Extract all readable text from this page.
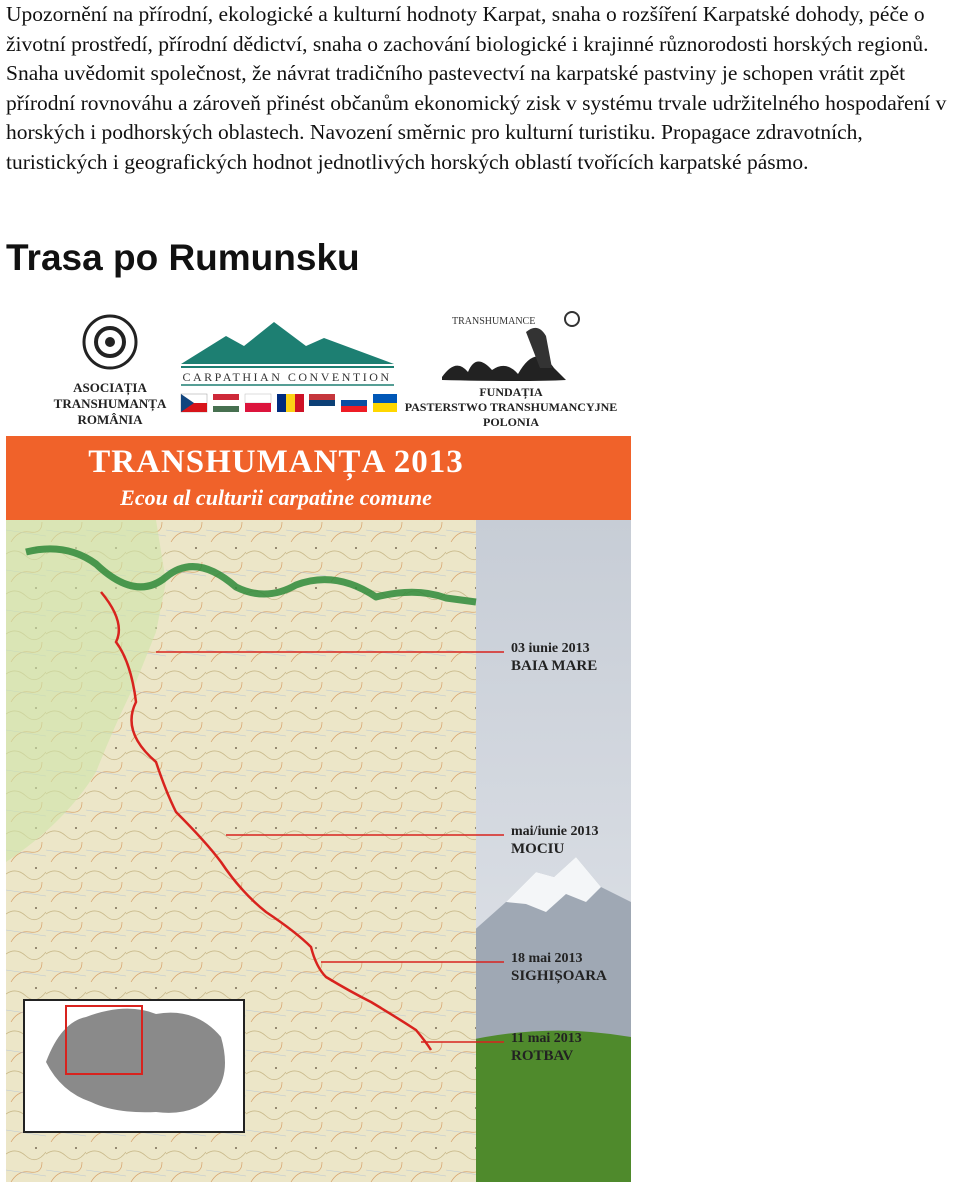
Upozornění na přírodní, ekologické a kulturní hodnoty Karpat, snaha o rozšíření Karpatské dohody, péče o životní prostředí, přírodní dědictví, snaha o zachování biologické i krajinné různorodosti horských regionů. Snaha uvědomit společnost, že návrat tradičního pastevectví na karpatské pastviny je schopen vrátit zpět přírodní rovnováhu a zároveň přinést občanům ekonomický zisk v systému trvale udržitelného hospodaření v horských i podhorských oblastech. Navození směrnic pro kulturní turistiku. Propagace zdravotních, turistických i geografických hodnot jednotlivých horských oblastí tvořících karpatské pásmo.

Trasa po Rumunsku
ASOCIAȚIA
TRANSHUMANȚA
ROMÂNIA
CARPATHIAN CONVENTION
TRANSHUMANCE
FUNDAȚIA
PASTERSTWO TRANSHUMANCYJNE
POLONIA
TRANSHUMANȚA 2013
Ecou al culturii carpatine comune
03 iunie 2013
BAIA MARE
mai/iunie 2013
MOCIU
18 mai 2013
SIGHIȘOARA
11 mai 2013
ROTBAV
